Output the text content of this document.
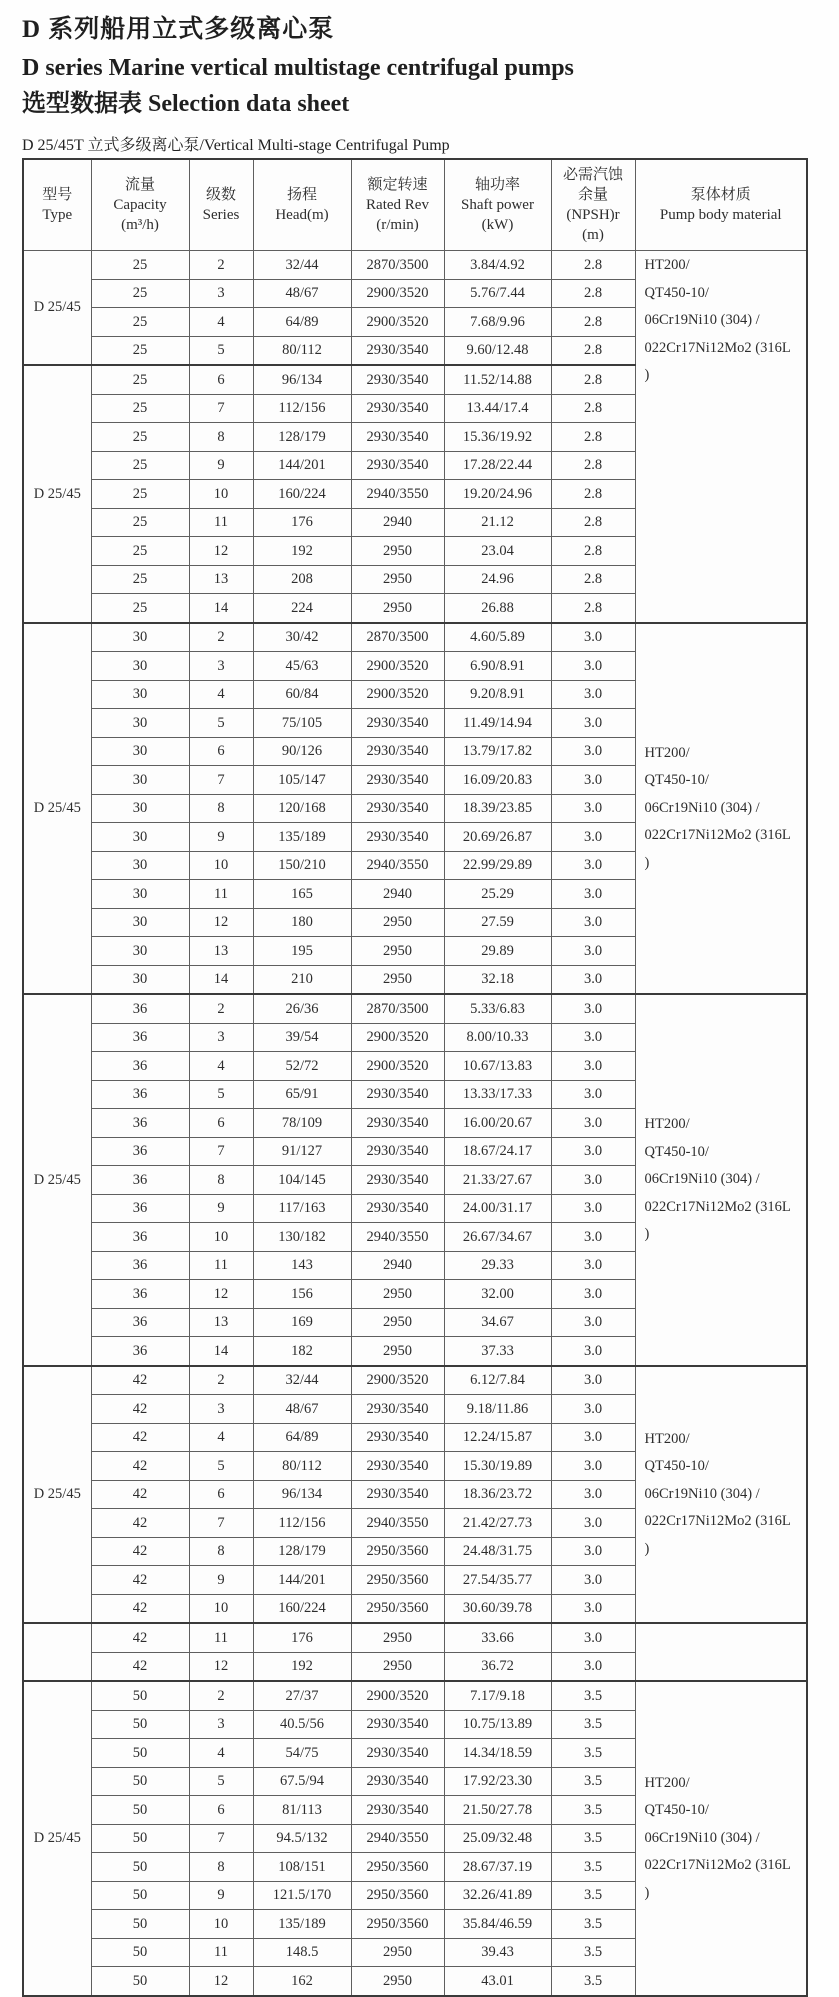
D 系列船用立式多级离心泵
D series Marine vertical multistage centrifugal pumps
选型数据表 Selection data sheet
D 25/45T 立式多级离心泵/Vertical Multi-stage Centrifugal Pump
型号
Type

流量
Capacity
(m³/h)

级数
Series

扬程
Head(m)

额定转速
Rated Rev
(r/min)

轴功率
Shaft power
(kW)

必需汽蚀
余量
(NPSH)r
(m)

泵体材质
Pump body material

D 25/45	25	2	32/44	2870/3500	3.84/4.92	2.8	HT200/
QT450-10/
06Cr19Ni10 (304) /
022Cr17Ni12Mo2 (316L
)

	25	3	48/67	2900/3520	5.76/7.44	2.8	
	25	4	64/89	2900/3520	7.68/9.96	2.8	
	25	5	80/112	2930/3540	9.60/12.48	2.8	
D 25/45	25	6	96/134	2930/3540	11.52/14.88	2.8	
	25	7	112/156	2930/3540	13.44/17.4	2.8	
	25	8	128/179	2930/3540	15.36/19.92	2.8	
	25	9	144/201	2930/3540	17.28/22.44	2.8	
	25	10	160/224	2940/3550	19.20/24.96	2.8	
	25	11	176	2940	21.12	2.8	
	25	12	192	2950	23.04	2.8	
	25	13	208	2950	24.96	2.8	
	25	14	224	2950	26.88	2.8	
D 25/45	30	2	30/42	2870/3500	4.60/5.89	3.0	HT200/
QT450-10/
06Cr19Ni10 (304) /
022Cr17Ni12Mo2 (316L
)

	30	3	45/63	2900/3520	6.90/8.91	3.0	
	30	4	60/84	2900/3520	9.20/8.91	3.0	
	30	5	75/105	2930/3540	11.49/14.94	3.0	
	30	6	90/126	2930/3540	13.79/17.82	3.0	
	30	7	105/147	2930/3540	16.09/20.83	3.0	
	30	8	120/168	2930/3540	18.39/23.85	3.0	
	30	9	135/189	2930/3540	20.69/26.87	3.0	
	30	10	150/210	2940/3550	22.99/29.89	3.0	
	30	11	165	2940	25.29	3.0	
	30	12	180	2950	27.59	3.0	
	30	13	195	2950	29.89	3.0	
	30	14	210	2950	32.18	3.0	
D 25/45	36	2	26/36	2870/3500	5.33/6.83	3.0	HT200/
QT450-10/
06Cr19Ni10 (304) /
022Cr17Ni12Mo2 (316L
)

	36	3	39/54	2900/3520	8.00/10.33	3.0	
	36	4	52/72	2900/3520	10.67/13.83	3.0	
	36	5	65/91	2930/3540	13.33/17.33	3.0	
	36	6	78/109	2930/3540	16.00/20.67	3.0	
	36	7	91/127	2930/3540	18.67/24.17	3.0	
	36	8	104/145	2930/3540	21.33/27.67	3.0	
	36	9	117/163	2930/3540	24.00/31.17	3.0	
	36	10	130/182	2940/3550	26.67/34.67	3.0	
	36	11	143	2940	29.33	3.0	
	36	12	156	2950	32.00	3.0	
	36	13	169	2950	34.67	3.0	
	36	14	182	2950	37.33	3.0	
D 25/45	42	2	32/44	2900/3520	6.12/7.84	3.0	HT200/
QT450-10/
06Cr19Ni10 (304) /
022Cr17Ni12Mo2 (316L
)

	42	3	48/67	2930/3540	9.18/11.86	3.0	
	42	4	64/89	2930/3540	12.24/15.87	3.0	
	42	5	80/112	2930/3540	15.30/19.89	3.0	
	42	6	96/134	2930/3540	18.36/23.72	3.0	
	42	7	112/156	2940/3550	21.42/27.73	3.0	
	42	8	128/179	2950/3560	24.48/31.75	3.0	
	42	9	144/201	2950/3560	27.54/35.77	3.0	
	42	10	160/224	2950/3560	30.60/39.78	3.0	
	42	11	176	2950	33.66	3.0	
	42	12	192	2950	36.72	3.0	
D 25/45	50	2	27/37	2900/3520	7.17/9.18	3.5	HT200/
QT450-10/
06Cr19Ni10 (304) /
022Cr17Ni12Mo2 (316L
)

	50	3	40.5/56	2930/3540	10.75/13.89	3.5	
	50	4	54/75	2930/3540	14.34/18.59	3.5	
	50	5	67.5/94	2930/3540	17.92/23.30	3.5	
	50	6	81/113	2930/3540	21.50/27.78	3.5	
	50	7	94.5/132	2940/3550	25.09/32.48	3.5	
	50	8	108/151	2950/3560	28.67/37.19	3.5	
	50	9	121.5/170	2950/3560	32.26/41.89	3.5	
	50	10	135/189	2950/3560	35.84/46.59	3.5	
	50	11	148.5	2950	39.43	3.5	
	50	12	162	2950	43.01	3.5	
